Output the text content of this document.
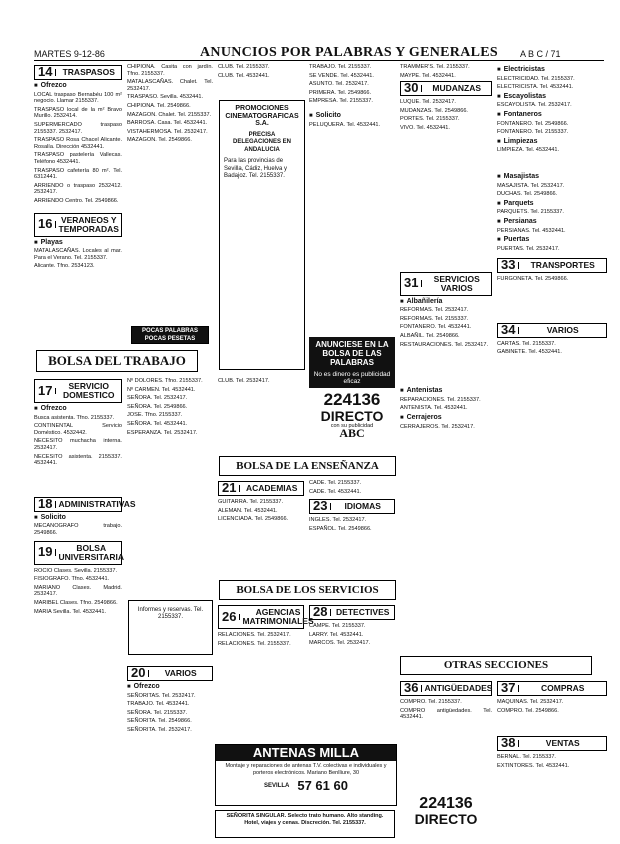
MARTES 9-12-86	ANUNCIOS POR PALABRAS Y GENERALES A B C / 71
14	TRASPASOS
■ Ofrezco
LOCAL traspaso Bernabéu 100 m² negocio. Llamar 2155337.
TRASPASO local de la m² Bravo Murillo. 2532414.
SUPERMERCADO traspaso 2155337. 2532417.
TRASPASO Rosa Chacel Alicante. Rosalía. Dirección 4532441.
TRASPASO pastelería Vallecas. Teléfono 4532441.
TRASPASO cafetería 80 m². Tel. 6312441.
ARRIENDO o traspaso 2532412. 2532417.
ARRIENDO Centro. Tel. 2549866.
16 VERANEOS Y TEMPORADAS
■ Playas
MATALASCAÑAS. Locales al mar. Para el Verano. Tel. 2155337.
Alicante. Tfno. 2534123.
BOLSA DEL TRABAJO
17	SERVICIO DOMESTICO
■ Ofrezco
Busca asistenta. Tfno. 2155337.
CONTINENTAL Servicio Doméstico. 4532442.
NECESITO muchacha interna. 2532417.
NECESITO asistenta. 2155337. 4532441.
18 ADMINISTRATIVAS
■ Solicito
MECANOGRAFO trabajo. 2549866.
19	BOLSA UNIVERSITARIA
ROCIO Clases. Sevilla. 2155337.
FISIOGRAFO. Tfno. 4532441.
MARIANO Clases. Madrid. 2532417.
MARIBEL Clases. Tfno. 2549866.
MARIA Sevilla. Tel. 4532441.
CHIPIONA. Casita con jardín. Tfno. 2155337.
MATALASCAÑAS. Chalet. Tel. 2532417.
TRASPASO. Sevilla. 4532441.
CHIPIONA. Tel. 2549866.
MAZAGON. Chalet. Tel. 2155337.
BARROSA. Casa. Tel. 4532441.
VISTAHERMOSA. Tel. 2532417.
MAZAGON. Tel. 2549866.
POCAS PALABRAS POCAS PESETAS
Nº DOLORES. Tfno. 2155337.
Nº CARMEN. Tel. 4532441.
SEÑORA. Tel. 2532417.
SEÑORA. Tel. 2549866.
JOSE. Tfno. 2155337.
SEÑORA. Tel. 4532441.
ESPERANZA. Tel. 2532417.
Informes y reservas. Tel. 2155337.
20	VARIOS
■ Ofrezco
SEÑORITAS. Tel. 2532417.
TRABAJO. Tel. 4532441.
SEÑORA. Tel. 2155337.
SEÑORITA. Tel. 2549866.
SEÑORITA. Tel. 2532417.
CLUB. Tel. 2155337.
CLUB. Tel. 4532441.
PROMOCIONES CINEMATOGRAFICAS S.A.
PRECISA DELEGACIONES EN ANDALUCIA
Para las provincias de Sevilla, Cádiz, Huelva y Badajoz. Tel. 2155337.
CLUB. Tel. 2532417.
BOLSA DE LA ENSEÑANZA
21	ACADEMIAS
GUITARRA. Tel. 2155337.
ALEMAN. Tel. 4532441.
LICENCIADA. Tel. 2549866.
BOLSA DE LOS SERVICIOS
26	AGENCIAS MATRIMONIALES
RELACIONES. Tel. 2532417.
RELACIONES. Tel. 2155337.
TRABAJO. Tel. 2155337.
SE VENDE. Tel. 4532441.
ASUNTO. Tel. 2532417.
PRIMERA. Tel. 2549866.
EMPRESA. Tel. 2155337.
■ Solicito
PELUQUERA. Tel. 4532441.
ANUNCIESE EN LA BOLSA DE LAS PALABRAS
No es dinero es publicidad eficaz
224136
DIRECTO
con su publicidad
ABC
CADE. Tel. 2155337.
CADE. Tel. 4532441.
23	IDIOMAS
INGLES. Tel. 2532417.
ESPAÑOL. Tel. 2549866.
28	DETECTIVES
CAMPE. Tel. 2155337.
LARRY. Tel. 4532441.
MARCOS. Tel. 2532417.
ANTENAS MILLA
Montaje y reparaciones de antenas T.V. colectivas e individuales y porteros electrónicos. Mariano Benlliure, 30
SEVILLA 57 61 60
SEÑORITA SINGULAR. Selecto trato humano. Alto standing. Hotel, viajes y cenas. Discreción. Tel. 2155337.
TRAMMER'S. Tel. 2155337.
MAYPE. Tel. 4532441.
30	MUDANZAS
LUQUE. Tel. 2532417.
MUDANZAS. Tel. 2549866.
PORTES. Tel. 2155337.
VIVO. Tel. 4532441.
31	SERVICIOS VARIOS
■ Albañilería
REFORMAS. Tel. 2532417.
REFORMAS. Tel. 2155337.
FONTANERO. Tel. 4532441.
ALBAÑIL. Tel. 2549866.
RESTAURACIONES. Tel. 2532417.
■ Antenistas
REPARACIONES. Tel. 2155337.
ANTENISTA. Tel. 4532441.
■ Cerrajeros
CERRAJEROS. Tel. 2532417.
■ Electricistas
ELECTRICIDAD. Tel. 2155337.
ELECTRICISTA. Tel. 4532441.
■ Escayolistas
ESCAYOLISTA. Tel. 2532417.
■ Fontaneros
FONTANERO. Tel. 2549866.
FONTANERO. Tel. 2155337.
■ Limpiezas
LIMPIEZA. Tel. 4532441.
■ Masajistas
MASAJISTA. Tel. 2532417.
DUCHAS. Tel. 2549866.
■ Parquets
PARQUETS. Tel. 2155337.
■ Persianas
PERSIANAS. Tel. 4532441.
■ Puertas
PUERTAS. Tel. 2532417.
33	TRANSPORTES
FURGONETA. Tel. 2549866.
34	VARIOS
CARTAS. Tel. 2155337.
GABINETE. Tel. 4532441.
OTRAS SECCIONES
36 ANTIGÜEDADES
COMPRO. Tel. 2155337.
COMPRO antigüedades. Tel. 4532441.
224136
DIRECTO
37	COMPRAS
MAQUINAS. Tel. 2532417.
COMPRO. Tel. 2549866.
38	VENTAS
BERNAL. Tel. 2155337.
EXTINTORES. Tel. 4532441.
